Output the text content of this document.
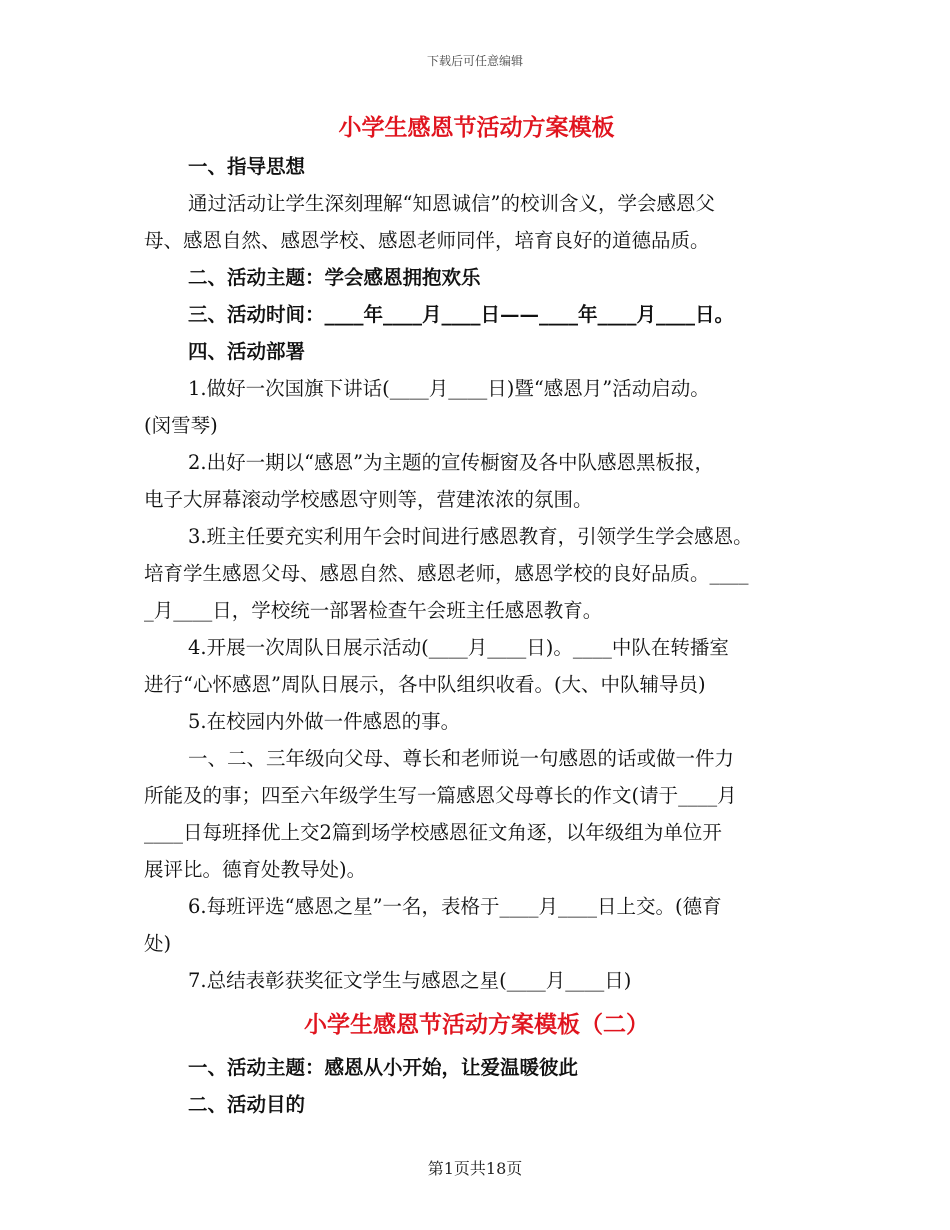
下载后可任意编辑
小学生感恩节活动方案模板

一、指导思想

通过活动让学生深刻理解“知恩诚信”的校训含义，学会感恩父

母、感恩自然、感恩学校、感恩老师同伴，培育良好的道德品质。

二、活动主题：学会感恩拥抱欢乐

三、活动时间：____年____月____日——____年____月____日。

四、活动部署

1.做好一次国旗下讲话(____月____日)暨“感恩月”活动启动。

(闵雪琴)

2.出好一期以“感恩”为主题的宣传橱窗及各中队感恩黑板报，

电子大屏幕滚动学校感恩守则等，营建浓浓的氛围。

3.班主任要充实利用午会时间进行感恩教育，引领学生学会感恩。

培育学生感恩父母、感恩自然、感恩老师，感恩学校的良好品质。____

_月____日，学校统一部署检查午会班主任感恩教育。

4.开展一次周队日展示活动(____月____日)。____中队在转播室

进行“心怀感恩”周队日展示，各中队组织收看。(大、中队辅导员)

5.在校园内外做一件感恩的事。

一、二、三年级向父母、尊长和老师说一句感恩的话或做一件力

所能及的事；四至六年级学生写一篇感恩父母尊长的作文(请于____月

____日每班择优上交2篇到场学校感恩征文角逐，以年级组为单位开

展评比。德育处教导处)。

6.每班评选“感恩之星”一名，表格于____月____日上交。(德育

处)

7.总结表彰获奖征文学生与感恩之星(____月____日)

小学生感恩节活动方案模板（二）

一、活动主题：感恩从小开始，让爱温暖彼此

二、活动目的

第1页共18页
